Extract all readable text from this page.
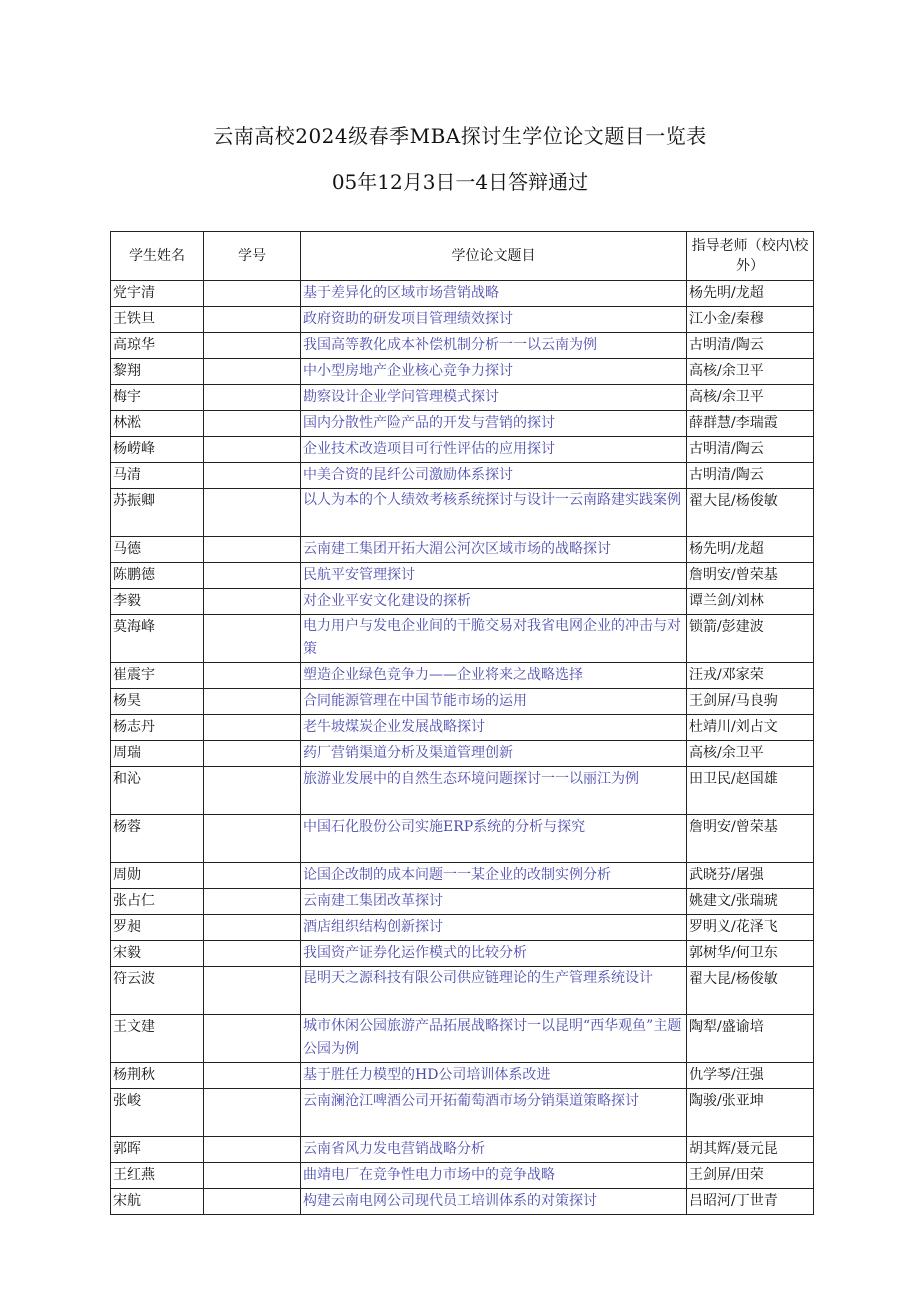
云南高校2024级春季MBA探讨生学位论文题目一览表
05年12月3日一4日答辩通过
学生姓名	学号	学位论文题目	指导老师（校内\校外）
党宇清		基于差异化的区域市场营销战略	杨先明/龙超
王铁旦		政府资助的研发项目管理绩效探讨	江小金/秦穆
高琼华		我国高等教化成本补偿机制分析一一以云南为例	古明清/陶云
黎翔		中小型房地产企业核心竞争力探讨	高核/余卫平
梅宇		勘察设计企业学问管理模式探讨	高核/余卫平
林淞		国内分散性产险产品的开发与营销的探讨	薛群慧/李瑞霞
杨崂峰		企业技术改造项目可行性评估的应用探讨	古明清/陶云
马清		中美合资的昆纤公司激励体系探讨	古明清/陶云
苏振卿		以人为本的个人绩效考核系统探讨与设计一云南路建实践案例	翟大昆/杨俊敏
马德		云南建工集团开拓大湄公河次区域市场的战略探讨	杨先明/龙超
陈鹏德		民航平安管理探讨	詹明安/曾荣基
李毅		对企业平安文化建设的探析	谭兰剑/刘林
莫海峰		电力用户与发电企业间的干脆交易对我省电网企业的冲击与对策	锁箭/彭建波
崔震宇		塑造企业绿色竞争力——企业将来之战略选择	汪戎/邓家荣
杨昊		合同能源管理在中国节能市场的运用	王剑屏/马良驹
杨志丹		老牛坡煤炭企业发展战略探讨	杜靖川/刘占文
周瑞		药厂营销渠道分析及渠道管理创新	高核/余卫平
和沁		旅游业发展中的自然生态环境问题探讨一一以丽江为例	田卫民/赵国雄
杨蓉		中国石化股份公司实施ERP系统的分析与探究	詹明安/曾荣基
周勋		论国企改制的成本问题一一某企业的改制实例分析	武晓芬/屠强
张占仁		云南建工集团改革探讨	姚建文/张瑞琥
罗昶		酒店组织结构创新探讨	罗明义/花泽飞
宋毅		我国资产证券化运作模式的比较分析	郭树华/何卫东
符云波		昆明天之源科技有限公司供应链理论的生产管理系统设计	翟大昆/杨俊敏
王文建		城市休闲公园旅游产品拓展战略探讨一以昆明“西华观鱼”主题公园为例	陶犁/盛谕培
杨荆秋		基于胜任力模型的HD公司培训体系改进	仇学琴/汪强
张峻		云南澜沧江啤酒公司开拓葡萄酒市场分销渠道策略探讨	陶骏/张亚坤
郭晖		云南省风力发电营销战略分析	胡其辉/聂元昆
王红燕		曲靖电厂在竞争性电力市场中的竞争战略	王剑屏/田荣
宋航		构建云南电网公司现代员工培训体系的对策探讨	吕昭河/丁世青
